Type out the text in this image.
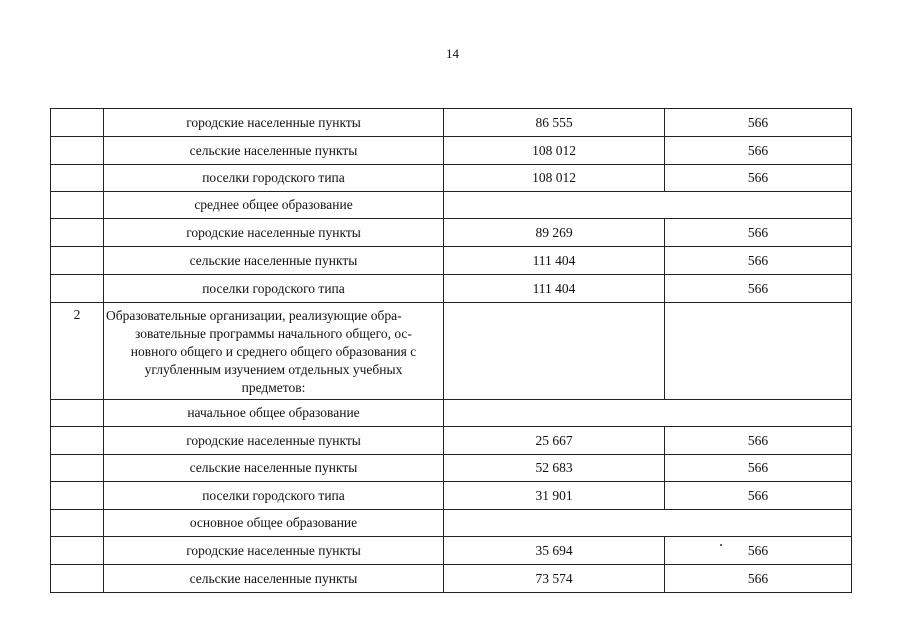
14
городские населенные пункты	86 555	566
сельские населенные пункты	108 012	566
поселки городского типа	108 012	566
среднее общее образование
городские населенные пункты	89 269	566
сельские населенные пункты	111 404	566
поселки городского типа	111 404	566
2	Образовательные организации, реализующие обра-
зовательные программы начального общего, ос-
новного общего и среднего общего образования с
углубленным изучением отдельных учебных
предметов:
начальное общее образование
городские населенные пункты	25 667	566
сельские населенные пункты	52 683	566
поселки городского типа	31 901	566
основное общее образование
городские населенные пункты	35 694	566
сельские населенные пункты	73 574	566
